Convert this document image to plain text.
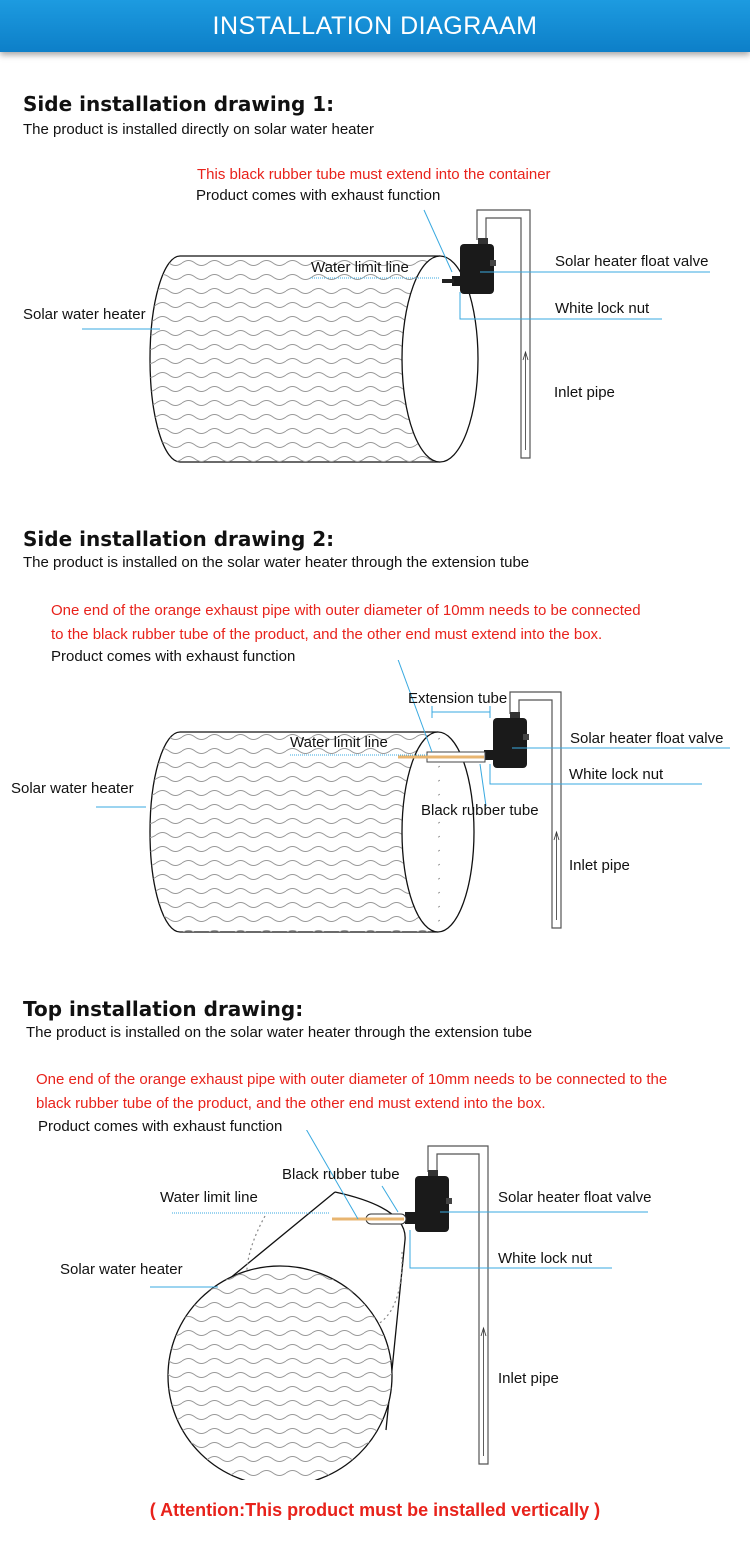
INSTALLATION DIAGRAAM
Side installation drawing 1:
The product is installed directly on solar water heater
This black rubber tube must extend into the container
Product comes with exhaust function
Water limit line	Solar heater float valve
Solar water heater	White lock nut
Inlet pipe
Side installation drawing 2:
The product is installed on the solar water heater through the extension tube
One end of the orange exhaust pipe with outer diameter of 10mm needs to be connected
to the black rubber tube of the product, and the other end must extend into the box.
Product comes with exhaust function
Extension tube
Water limit line	Solar heater float valve
Solar water heater
White lock nut
Black rubber tube
Inlet pipe
Top installation drawing:
The product is installed on the solar water heater through the extension tube
One end of the orange exhaust pipe with outer diameter of 10mm needs to be connected to the
black rubber tube of the product, and the other end must extend into the box.
Product comes with exhaust function
Black rubber tube
Water limit line	Solar heater float valve
White lock nut
Solar water heater
Inlet pipe
( Attention:This product must be installed vertically )
